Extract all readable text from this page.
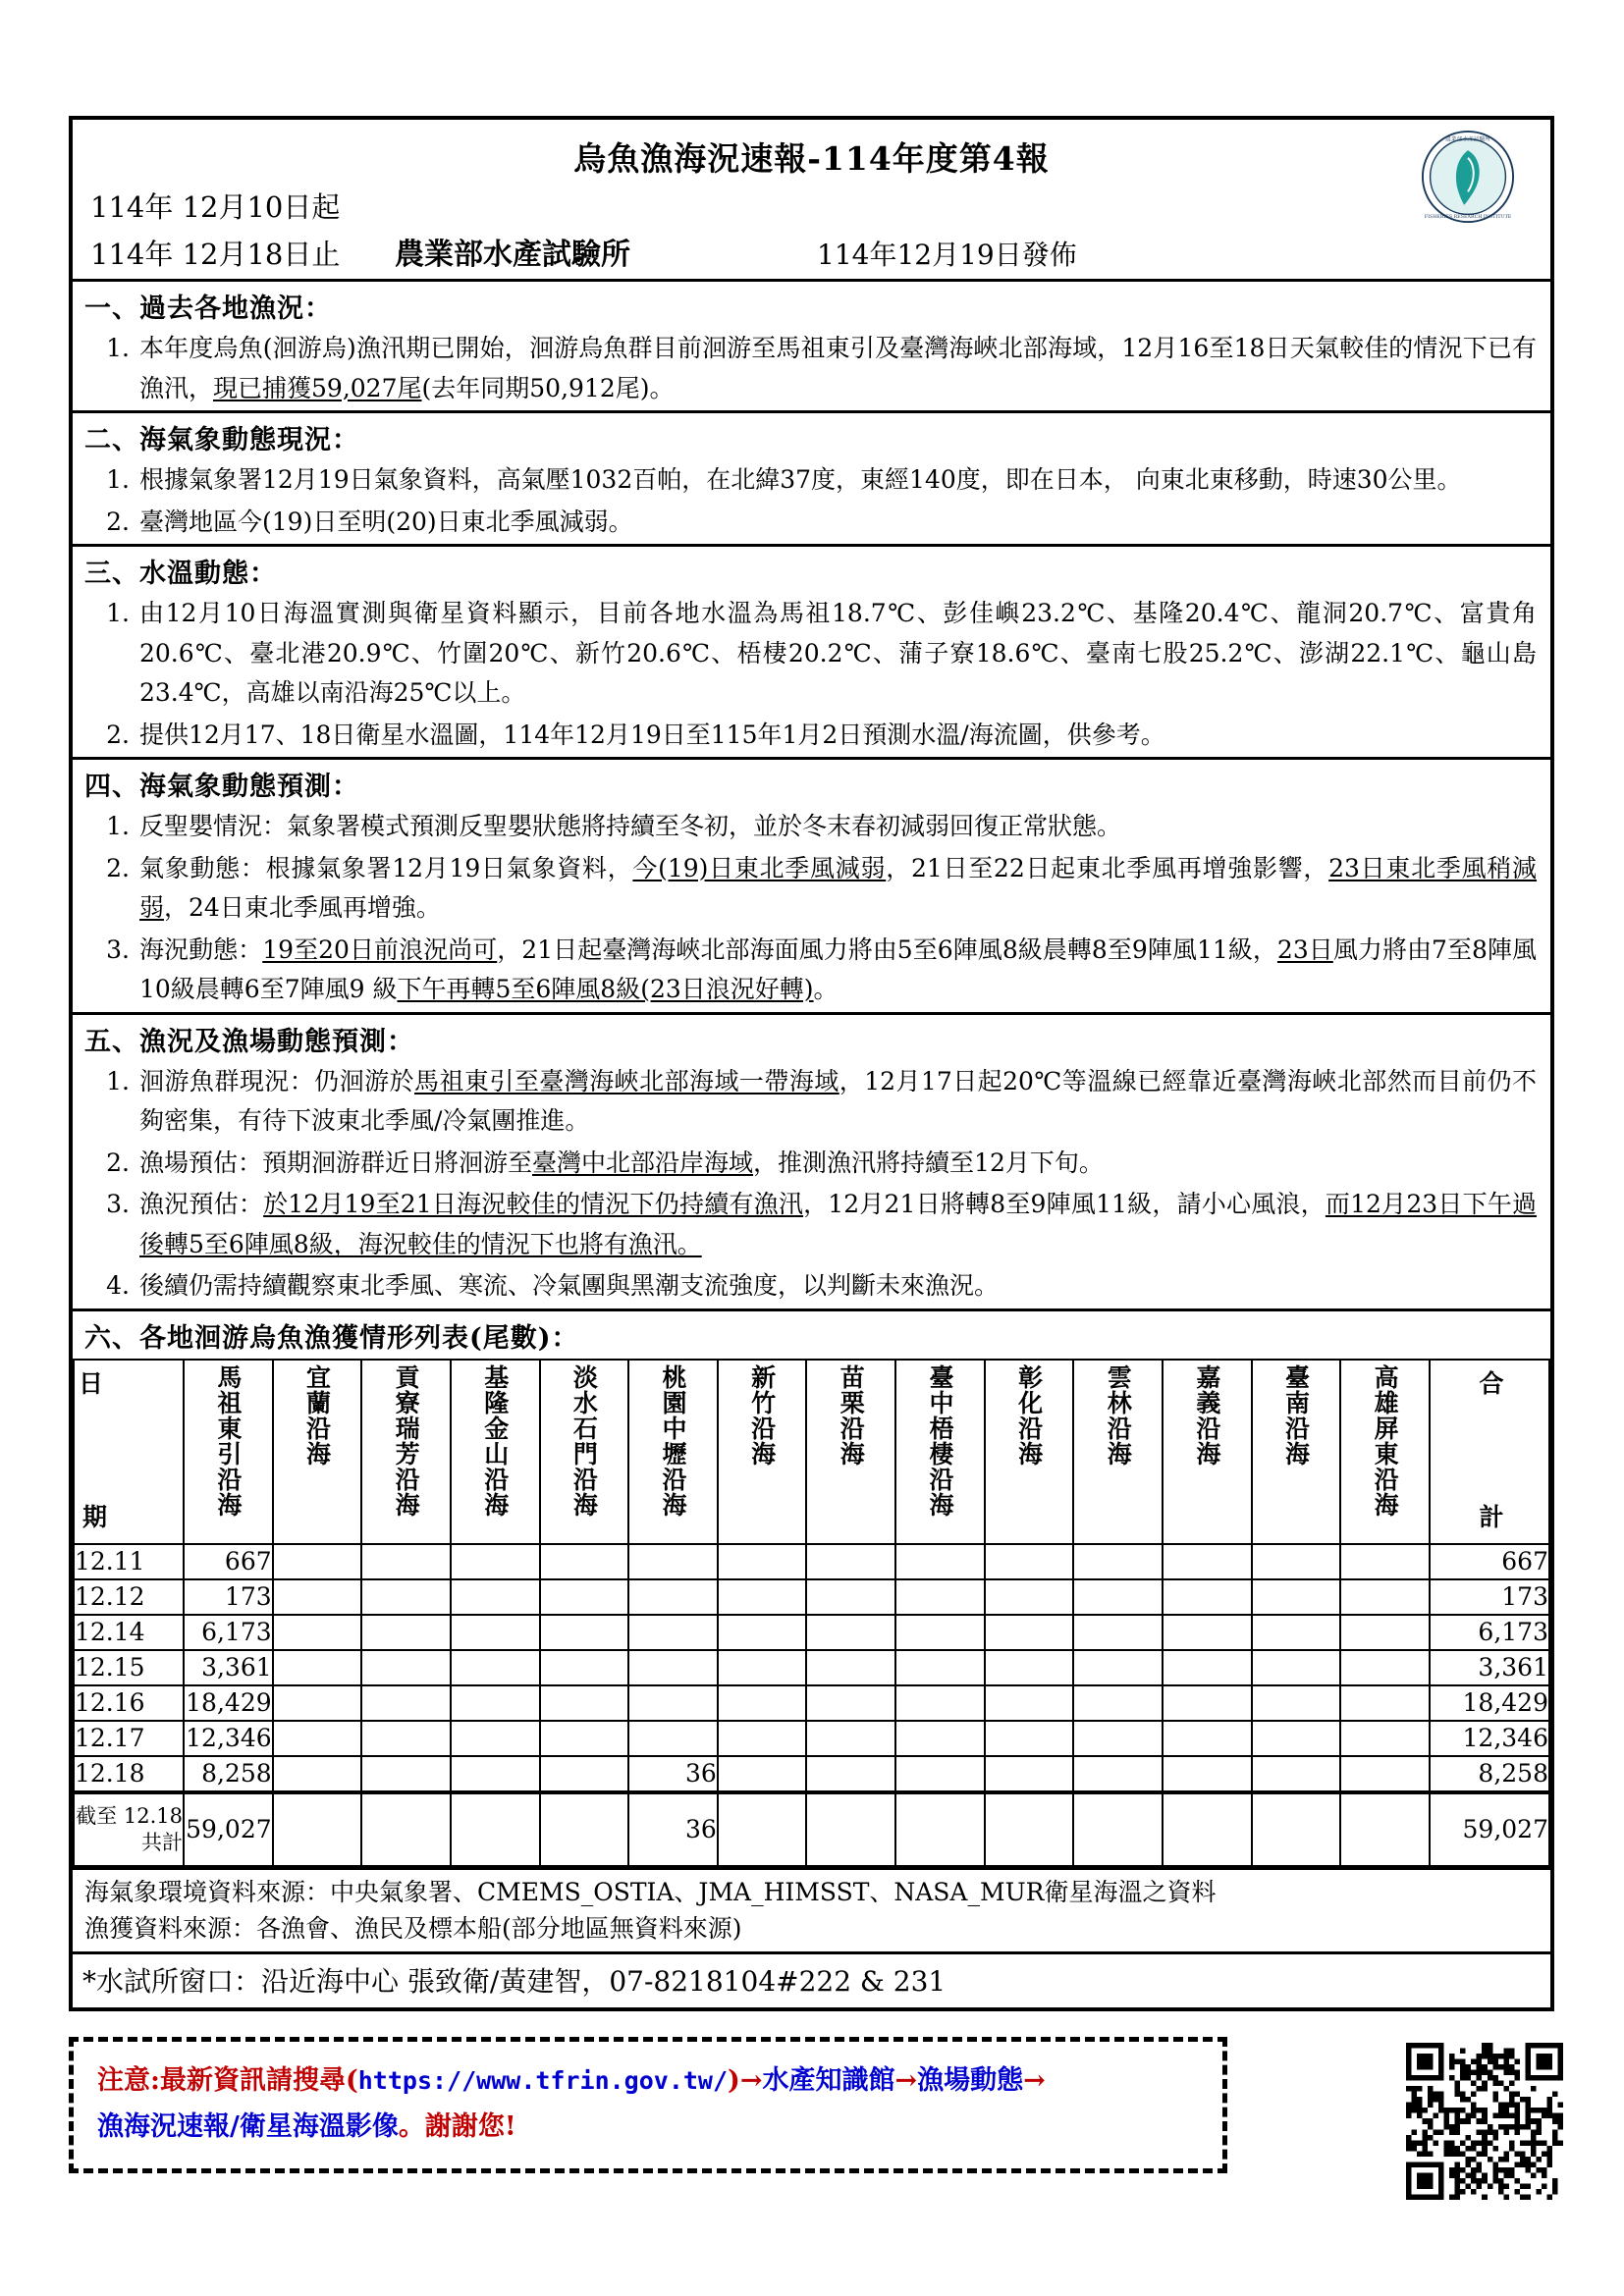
烏魚漁海況速報-114年度第4報	農業部水產試驗所
FISHERIES RESEARCH INSTITUTE
114年 12月10日起
114年 12月18日止	農業部水產試驗所	114年12月19日發佈
一、過去各地漁況：
1. 本年度烏魚(洄游烏)漁汛期已開始，洄游烏魚群目前洄游至馬祖東引及臺灣海峽北部海域，12月16至18日天氣較佳的情況下已有漁汛，現已捕獲59,027尾(去年同期50,912尾)。
二、海氣象動態現況：
1. 根據氣象署12月19日氣象資料，高氣壓1032百帕，在北緯37度，東經140度，即在日本， 向東北東移動，時速30公里。
2. 臺灣地區今(19)日至明(20)日東北季風減弱。
三、水溫動態：
1. 由12月10日海溫實測與衛星資料顯示，目前各地水溫為馬祖18.7℃、彭佳嶼23.2℃、基隆20.4℃、龍洞20.7℃、富貴角20.6℃、臺北港20.9℃、竹圍20℃、新竹20.6℃、梧棲20.2℃、蒲子寮18.6℃、臺南七股25.2℃、澎湖22.1℃、龜山島23.4℃，高雄以南沿海25℃以上。
2. 提供12月17、18日衛星水溫圖，114年12月19日至115年1月2日預測水溫/海流圖，供參考。
四、海氣象動態預測：
1. 反聖嬰情況：氣象署模式預測反聖嬰狀態將持續至冬初，並於冬末春初減弱回復正常狀態。
2. 氣象動態：根據氣象署12月19日氣象資料，今(19)日東北季風減弱，21日至22日起東北季風再增強影響，23日東北季風稍減弱，24日東北季風再增強。
3. 海況動態：19至20日前浪況尚可，21日起臺灣海峽北部海面風力將由5至6陣風8級晨轉8至9陣風11級，23日風力將由7至8陣風10級晨轉6至7陣風9 級下午再轉5至6陣風8級(23日浪況好轉)。
五、漁況及漁場動態預測：
1. 洄游魚群現況：仍洄游於馬祖東引至臺灣海峽北部海域一帶海域，12月17日起20℃等溫線已經靠近臺灣海峽北部然而目前仍不夠密集，有待下波東北季風/冷氣團推進。
2. 漁場預估：預期洄游群近日將洄游至臺灣中北部沿岸海域，推測漁汛將持續至12月下旬。
3. 漁況預估：於12月19至21日海況較佳的情況下仍持續有漁汛，12月21日將轉8至9陣風11級，請小心風浪，而12月23日下午過後轉5至6陣風8級，海況較佳的情況下也將有漁汛。
4. 後續仍需持續觀察東北季風、寒流、冷氣團與黑潮支流強度，以判斷未來漁況。
六、各地洄游烏魚漁獲情形列表(尾數)：
日
期	馬祖東引沿海	宜蘭沿海	貢寮瑞芳沿海	基隆金山沿海	淡水石門沿海	桃園中壢沿海	新竹沿海	苗栗沿海	臺中梧棲沿海	彰化沿海	雲林沿海	嘉義沿海	臺南沿海	高雄屏東沿海	合
計

12.11	667														667
12.12	173														173
12.14	6,173														6,173
12.15	3,361														3,361
12.16	18,429														18,429
12.17	12,346														12,346
12.18	8,258					36									8,258

截至 12.18
共計	59,027					36									59,027
海氣象環境資料來源：中央氣象署、CMEMS_OSTIA、JMA_HIMSST、NASA_MUR衛星海溫之資料
漁獲資料來源：各漁會、漁民及標本船(部分地區無資料來源)
*水試所窗口：沿近海中心 張致衛/黃建智，07-8218104#222 & 231
注意:最新資訊請搜尋(https://www.tfrin.gov.tw/)→水產知識館→漁場動態→
漁海況速報/衛星海溫影像。謝謝您!
